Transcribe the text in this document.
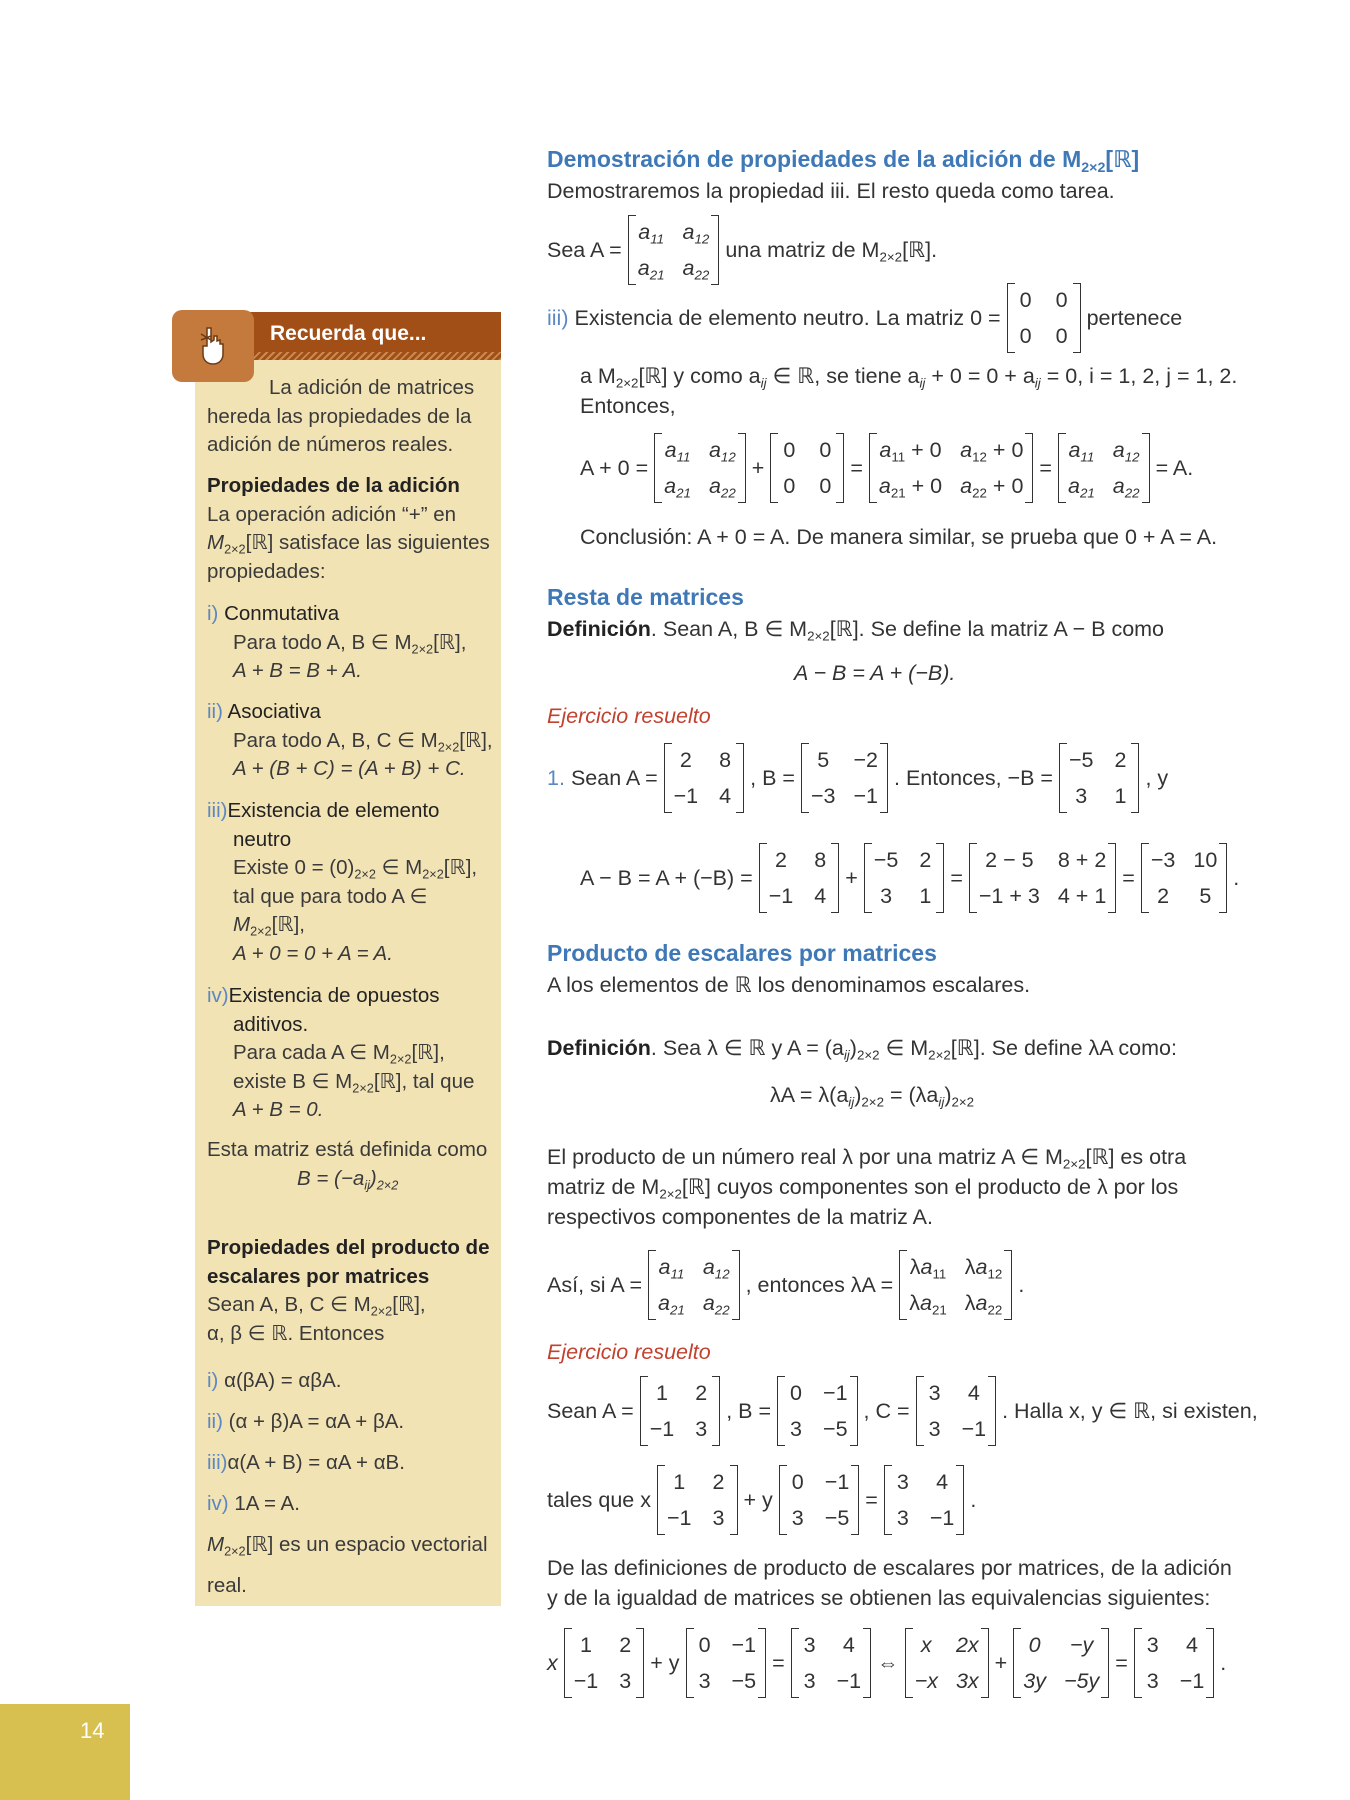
14
Recuerda que...
La adición de matrices
hereda las propiedades de la
adición de números reales.
Propiedades de la adición
La operación adición “+” en
$M_{2\times 2}[ℝ]$ satisface las siguientes
propiedades:
i) Conmutativa
Para todo A, B ∈ $M_{2\times 2}[ℝ]$,
A + B = B + A.
ii) Asociativa
Para todo A, B, C ∈ $M_{2\times 2}[ℝ]$,
A + (B + C) = (A + B) + C.
iii)Existencia de elemento
neutro
Existe $0 = (0)_{2\times 2}$ ∈ $M_{2\times 2}[ℝ]$,
tal que para todo A ∈
$M_{2\times 2}[ℝ]$,
A + 0 = 0 + A = A.
iv)Existencia de opuestos
aditivos.
Para cada A ∈ $M_{2\times 2}[ℝ]$,
existe B ∈ $M_{2\times 2}[ℝ]$, tal que
A + B = 0.
Esta matriz está definida como
$B = (-a_{ij})_{2\times 2}$
Propiedades del producto de
escalares por matrices
Sean A, B, C ∈ $M_{2\times 2}[ℝ]$,
α, β ∈ ℝ. Entonces
i) α(βA) = αβA.
ii) (α + β)A = αA + βA.
iii)α(A + B) = αA + αB.
iv) 1A = A.
$M_{2\times 2}[ℝ]$ es un espacio vectorial
real.
Demostración de propiedades de la adición de $M_{2\times 2}[ℝ]$
Demostraremos la propiedad iii. El resto queda como tarea.
Sea A =
$a_{11}$ $a_{12}$
$a_{21}$ $a_{22}$
una matriz de $M_{2\times 2}[ℝ]$.
iii) Existencia de elemento neutro. La matriz 0 =
0 0
0 0
pertenece
a $M_{2\times 2}[ℝ]$ y como $a_{ij}$ ∈ ℝ, se tiene $a_{ij} + 0 = 0 + a_{ij} = 0$, i = 1, 2, j = 1, 2.
Entonces,
A + 0 =
$a_{11}$ $a_{12}$
$a_{21}$ $a_{22}$
+
0 0
0 0
=
$a_{11} + 0$ $a_{12} + 0$
$a_{21} + 0$ $a_{22} + 0$
=
$a_{11}$ $a_{12}$
$a_{21}$ $a_{22}$
= A.
Conclusión: A + 0 = A. De manera similar, se prueba que 0 + A = A.
Resta de matrices
Definición. Sean A, B ∈ $M_{2\times 2}[ℝ]$. Se define la matriz A − B como
A − B = A + (−B).
Ejercicio resuelto
1. Sean A =
2 8
−1 4
, B =
5 −2
−3 −1
. Entonces, −B =
−5 2
3 1
, y
A − B = A + (−B) =
2 8
−1 4
+
−5 2
3 1
=
2 − 5 8 + 2
−1 + 3 4 + 1
=
−3 10
2 5
.
Producto de escalares por matrices
A los elementos de ℝ los denominamos escalares.
Definición. Sea λ ∈ ℝ y $A = (a_{ij})_{2\times 2}$ ∈ $M_{2\times 2}[ℝ]$. Se define λA como:
$\lambda A = \lambda(a_{ij})_{2\times 2} = (\lambda a_{ij})_{2\times 2}$
El producto de un número real λ por una matriz A ∈ $M_{2\times 2}[ℝ]$ es otra
matriz de $M_{2\times 2}[ℝ]$ cuyos componentes son el producto de λ por los
respectivos componentes de la matriz A.
Así, si A =
$a_{11}$ $a_{12}$
$a_{21}$ $a_{22}$
, entonces λA =
$\lambda a_{11}$ $\lambda a_{12}$
$\lambda a_{21}$ $\lambda a_{22}$
.
Ejercicio resuelto
Sean A =
1 2
−1 3
, B =
0 −1
3 −5
, C =
3 4
3 −1
. Halla x, y ∈ ℝ, si existen,
tales que x
1 2
−1 3
+ y
0 −1
3 −5
=
3 4
3 −1
.
De las definiciones de producto de escalares por matrices, de la adición
y de la igualdad de matrices se obtienen las equivalencias siguientes:
x
1 2
−1 3
+ y
0 −1
3 −5
=
3 4
3 −1
⇔
x 2x
−x 3x
+
0 −y
3y −5y
=
3 4
3 −1
.
